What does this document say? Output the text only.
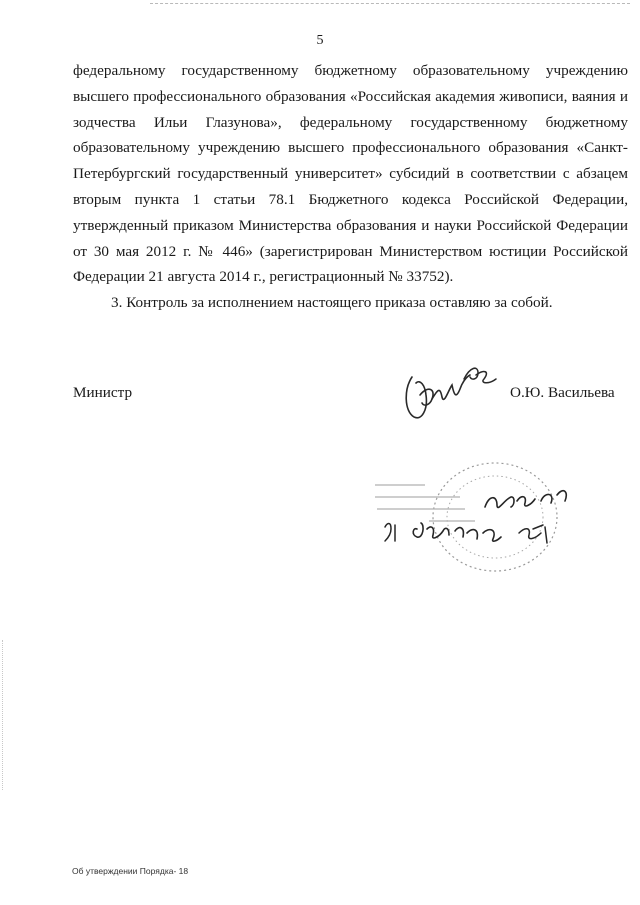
5

федеральному государственному бюджетному образовательному учреждению высшего профессионального образования «Российская академия живописи, ваяния и зодчества Ильи Глазунова», федеральному государственному бюджетному образовательному учреждению высшего профессионального образования «Санкт-Петербургский государственный университет» субсидий в соответствии с абзацем вторым пункта 1 статьи 78.1 Бюджетного кодекса Российской Федерации, утвержденный приказом Министерства образования и науки Российской Федерации от 30 мая 2012 г. № 446» (зарегистрирован Министерством юстиции Российской Федерации 21 августа 2014 г., регистрационный № 33752).

3. Контроль за исполнением настоящего приказа оставляю за собой.

Министр	О.Ю. Васильева
Об утверждении Порядка- 18
